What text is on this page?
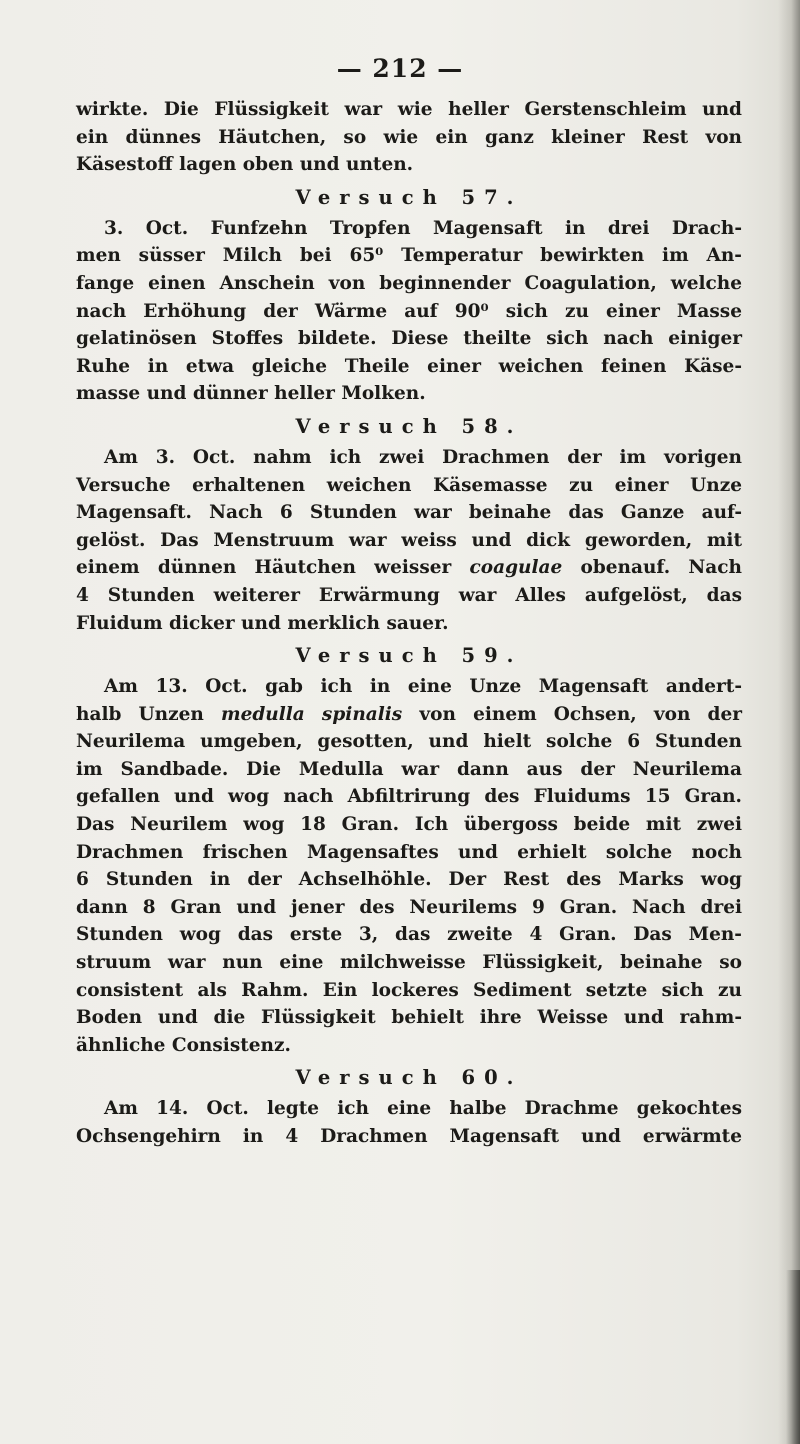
— 212 —

wirkte. Die Flüssigkeit war wie heller Gerstenschleim und

ein dünnes Häutchen, so wie ein ganz kleiner Rest von

Käsestoff lagen oben und unten.

Versuch 57.

3. Oct. Funfzehn Tropfen Magensaft in drei Drach-

men süsser Milch bei 65⁰ Temperatur bewirkten im An-

fange einen Anschein von beginnender Coagulation, welche

nach Erhöhung der Wärme auf 90⁰ sich zu einer Masse

gelatinösen Stoffes bildete. Diese theilte sich nach einiger

Ruhe in etwa gleiche Theile einer weichen feinen Käse-

masse und dünner heller Molken.

Versuch 58.

Am 3. Oct. nahm ich zwei Drachmen der im vorigen

Versuche erhaltenen weichen Käsemasse zu einer Unze

Magensaft. Nach 6 Stunden war beinahe das Ganze auf-

gelöst. Das Menstruum war weiss und dick geworden, mit

einem dünnen Häutchen weisser coagulae obenauf. Nach

4 Stunden weiterer Erwärmung war Alles aufgelöst, das

Fluidum dicker und merklich sauer.

Versuch 59.

Am 13. Oct. gab ich in eine Unze Magensaft andert-

halb Unzen medulla spinalis von einem Ochsen, von der

Neurilema umgeben, gesotten, und hielt solche 6 Stunden

im Sandbade. Die Medulla war dann aus der Neurilema

gefallen und wog nach Abfiltrirung des Fluidums 15 Gran.

Das Neurilem wog 18 Gran. Ich übergoss beide mit zwei

Drachmen frischen Magensaftes und erhielt solche noch

6 Stunden in der Achselhöhle. Der Rest des Marks wog

dann 8 Gran und jener des Neurilems 9 Gran. Nach drei

Stunden wog das erste 3, das zweite 4 Gran. Das Men-

struum war nun eine milchweisse Flüssigkeit, beinahe so

consistent als Rahm. Ein lockeres Sediment setzte sich zu

Boden und die Flüssigkeit behielt ihre Weisse und rahm-

ähnliche Consistenz.

Versuch 60.

Am 14. Oct. legte ich eine halbe Drachme gekochtes

Ochsengehirn in 4 Drachmen Magensaft und erwärmte
